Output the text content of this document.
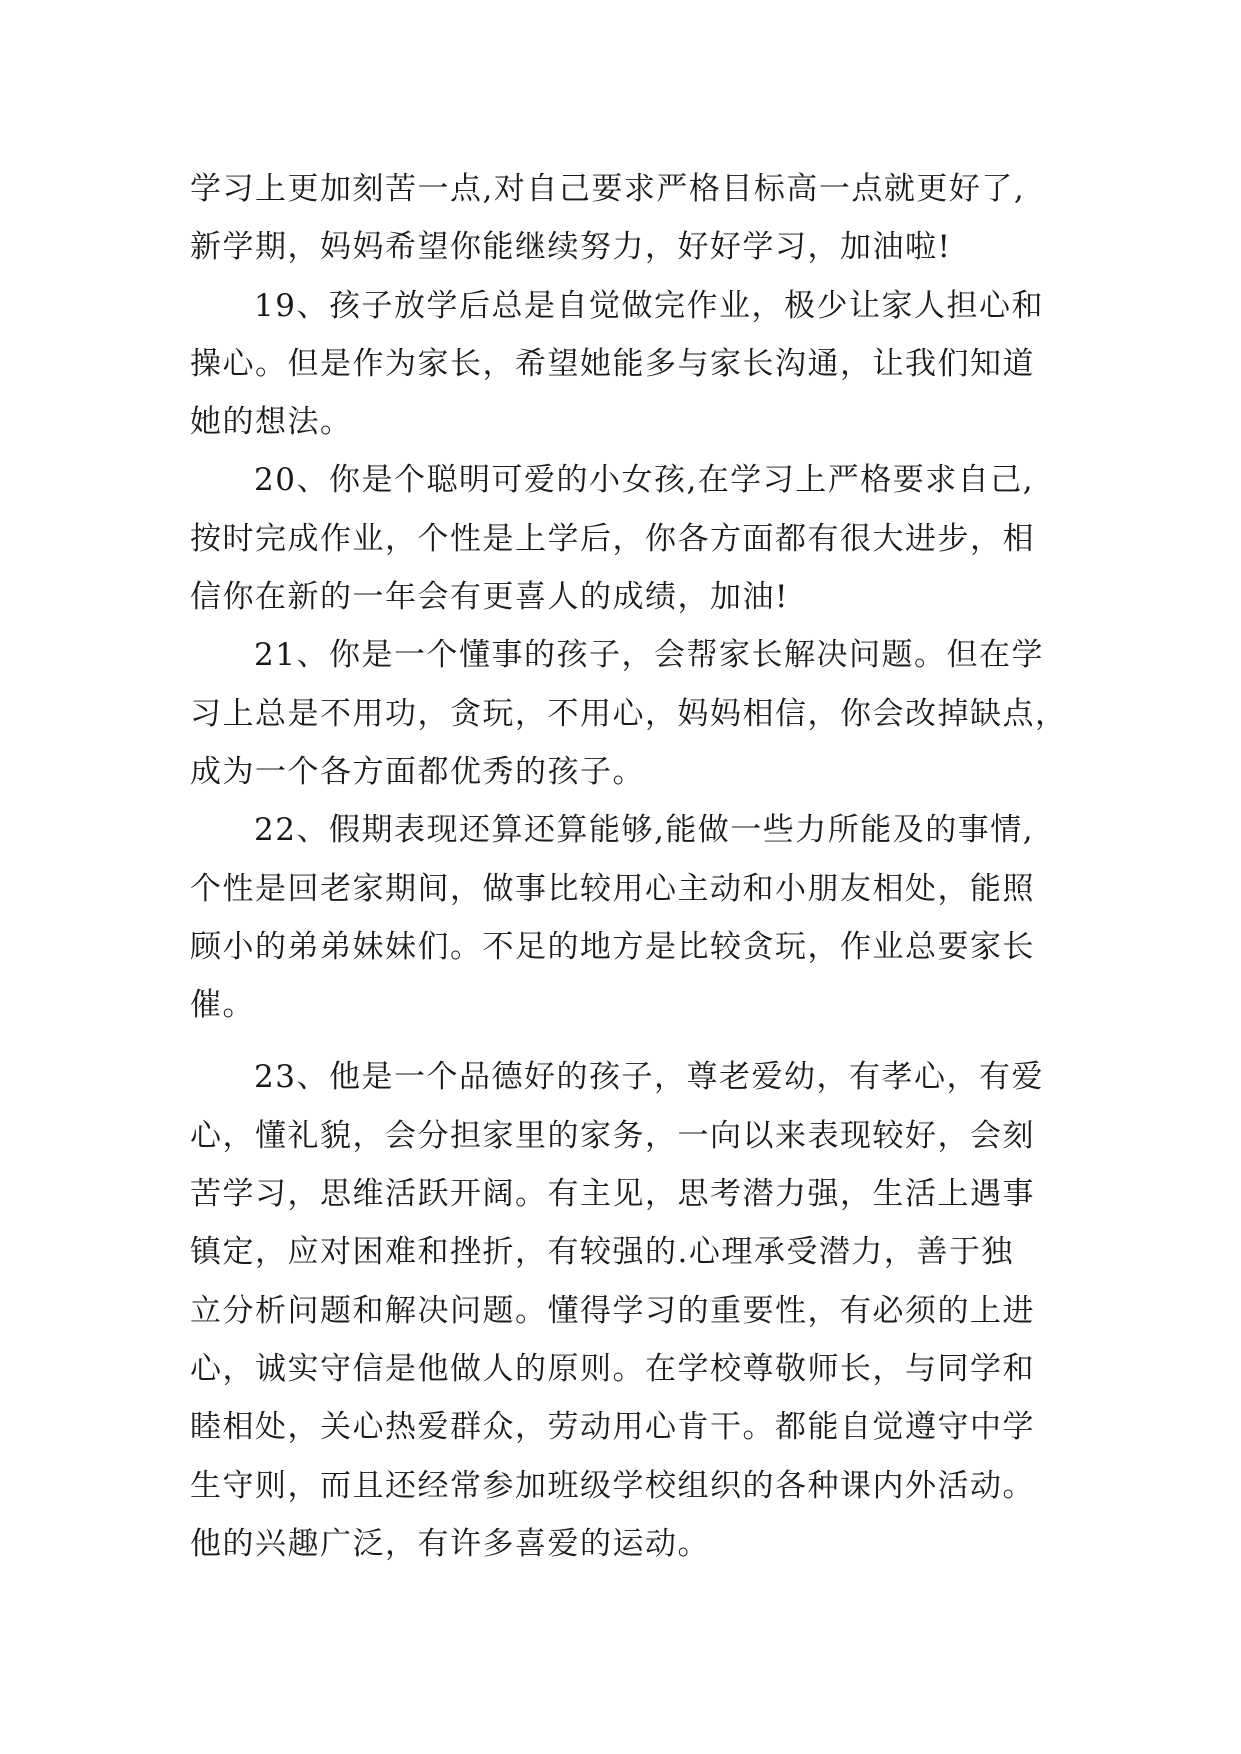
学习上更加刻苦一点,对自己要求严格目标高一点就更好了,
新学期，妈妈希望你能继续努力，好好学习，加油啦!
19、孩子放学后总是自觉做完作业，极少让家人担心和
操心。但是作为家长，希望她能多与家长沟通，让我们知道
她的想法。
20、你是个聪明可爱的小女孩,在学习上严格要求自己,
按时完成作业，个性是上学后，你各方面都有很大进步，相
信你在新的一年会有更喜人的成绩，加油!
21、你是一个懂事的孩子，会帮家长解决问题。但在学
习上总是不用功，贪玩，不用心，妈妈相信，你会改掉缺点，
成为一个各方面都优秀的孩子。
22、假期表现还算还算能够,能做一些力所能及的事情,
个性是回老家期间，做事比较用心主动和小朋友相处，能照
顾小的弟弟妹妹们。不足的地方是比较贪玩，作业总要家长
催。
23、他是一个品德好的孩子，尊老爱幼，有孝心，有爱
心，懂礼貌，会分担家里的家务，一向以来表现较好，会刻
苦学习，思维活跃开阔。有主见，思考潜力强，生活上遇事
镇定，应对困难和挫折，有较强的.心理承受潜力，善于独
立分析问题和解决问题。懂得学习的重要性，有必须的上进
心，诚实守信是他做人的原则。在学校尊敬师长，与同学和
睦相处，关心热爱群众，劳动用心肯干。都能自觉遵守中学
生守则，而且还经常参加班级学校组织的各种课内外活动。
他的兴趣广泛，有许多喜爱的运动。
